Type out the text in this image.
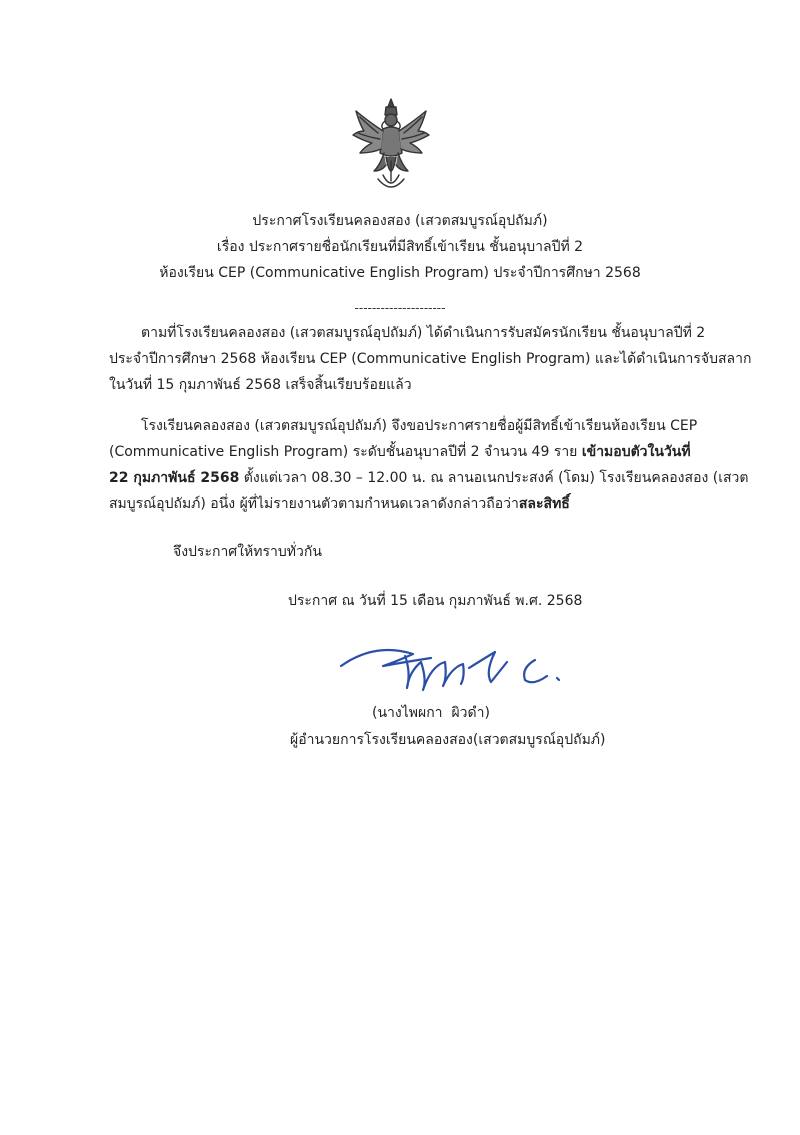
ประกาศโรงเรียนคลองสอง (เสวตสมบูรณ์อุปถัมภ์)
เรื่อง ประกาศรายชื่อนักเรียนที่มีสิทธิ์เข้าเรียน ชั้นอนุบาลปีที่ 2
ห้องเรียน CEP (Communicative English Program) ประจำปีการศึกษา 2568
---------------------
ตามที่โรงเรียนคลองสอง (เสวตสมบูรณ์อุปถัมภ์) ได้ดำเนินการรับสมัครนักเรียน ชั้นอนุบาลปีที่ 2
ประจำปีการศึกษา 2568 ห้องเรียน CEP (Communicative English Program) และได้ดำเนินการจับสลาก
ในวันที่ 15 กุมภาพันธ์ 2568 เสร็จสิ้นเรียบร้อยแล้ว
โรงเรียนคลองสอง (เสวตสมบูรณ์อุปถัมภ์) จึงขอประกาศรายชื่อผู้มีสิทธิ์เข้าเรียนห้องเรียน CEP
(Communicative English Program) ระดับชั้นอนุบาลปีที่ 2 จำนวน 49 ราย เข้ามอบตัวในวันที่
22 กุมภาพันธ์ 2568 ตั้งแต่เวลา 08.30 – 12.00 น. ณ ลานอเนกประสงค์ (โดม) โรงเรียนคลองสอง (เสวต
สมบูรณ์อุปถัมภ์) อนึ่ง ผู้ที่ไม่รายงานตัวตามกำหนดเวลาดังกล่าวถือว่าสละสิทธิ์
จึงประกาศให้ทราบทั่วกัน
ประกาศ ณ วันที่ 15 เดือน กุมภาพันธ์ พ.ศ. 2568
(นางไพผกา  ผิวดำ)
ผู้อำนวยการโรงเรียนคลองสอง(เสวตสมบูรณ์อุปถัมภ์)
